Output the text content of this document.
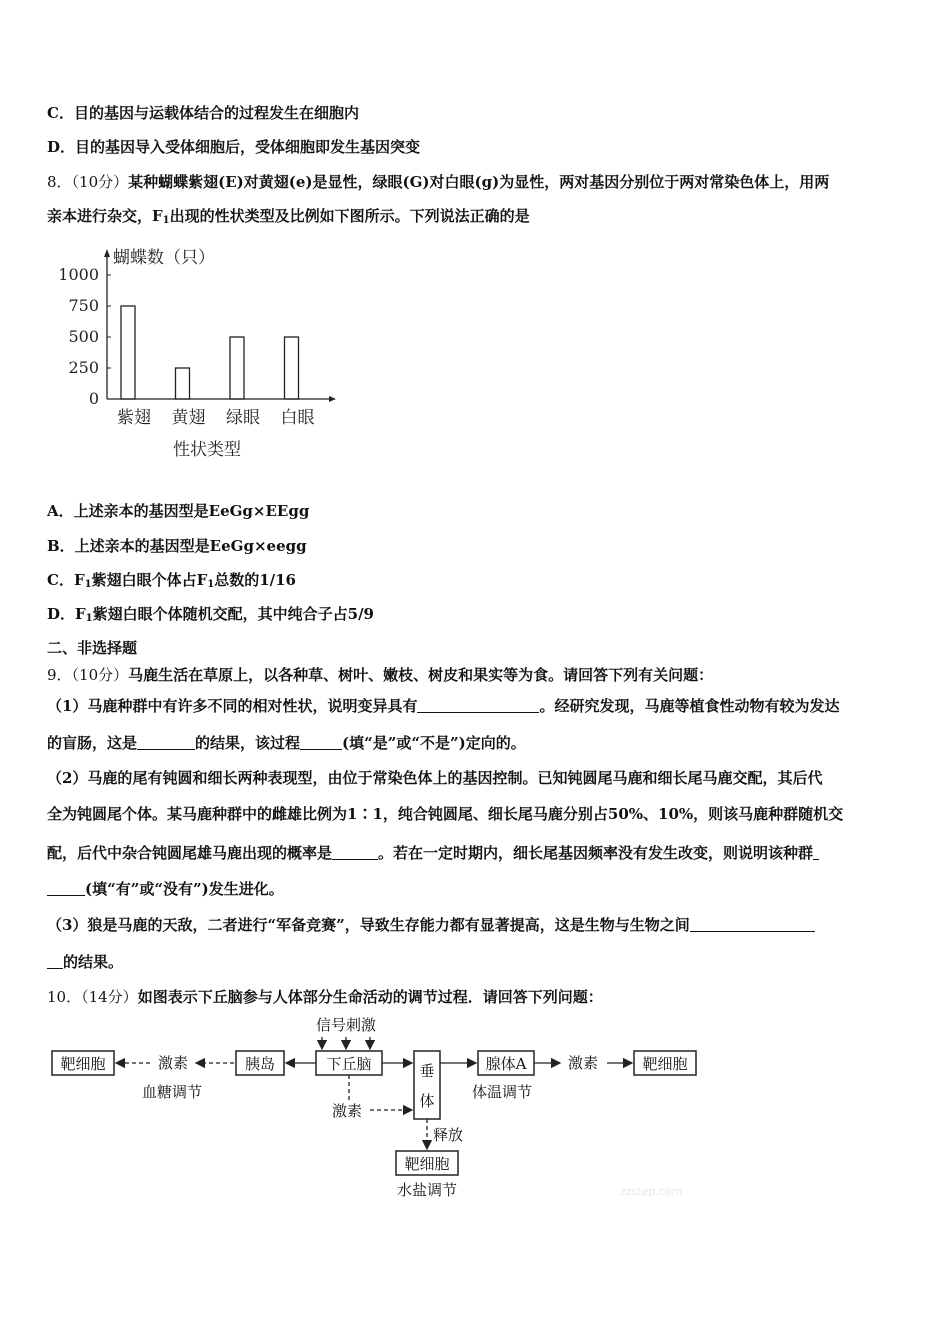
C．目的基因与运载体结合的过程发生在细胞内
D．目的基因导入受体细胞后，受体细胞即发生基因突变
8．（10分）某种蝴蝶紫翅(E)对黄翅(e)是显性，绿眼(G)对白眼(g)为显性，两对基因分别位于两对常染色体上，用两
亲本进行杂交，$F_1$出现的性状类型及比例如下图所示。下列说法正确的是
0
250
500
750
1000
蝴蝶数（只）
紫翅 黄翅 绿眼 白眼
性状类型
A．上述亲本的基因型是EeGg×EEgg
B．上述亲本的基因型是EeGg×eegg
C．$F_1$紫翅白眼个体占$F_1$总数的1/16
D．$F_1$紫翅白眼个体随机交配，其中纯合子占5/9
二、非选择题
9．（10分）马鹿生活在草原上，以各种草、树叶、嫩枝、树皮和果实等为食。请回答下列有关问题：
（1）马鹿种群中有许多不同的相对性状，说明变异具有	。经研究发现，马鹿等植食性动物有较为发达
的盲肠，这是	的结果，该过程	(填“是”或“不是”)定向的。
（2）马鹿的尾有钝圆和细长两种表现型，由位于常染色体上的基因控制。已知钝圆尾马鹿和细长尾马鹿交配，其后代
全为钝圆尾个体。某马鹿种群中的雌雄比例为1∶1，纯合钝圆尾、细长尾马鹿分别占50%、10%，则该马鹿种群随机交
配，后代中杂合钝圆尾雄马鹿出现的概率是	。若在一定时期内，细长尾基因频率没有发生改变，则说明该种群
(填“有”或“没有”)发生进化。
（3）狼是马鹿的天敌，二者进行“军备竞赛”，导致生存能力都有显著提高，这是生物与生物之间
的结果。
10．（14分）如图表示下丘脑参与人体部分生命活动的调节过程．请回答下列问题：
靶细胞	激素	胰岛	下丘脑
信号刺激
垂
体
腺体A	激素	靶细胞
激素
释放
靶细胞
血糖调节	体温调节
水盐调节	zzstep.com
